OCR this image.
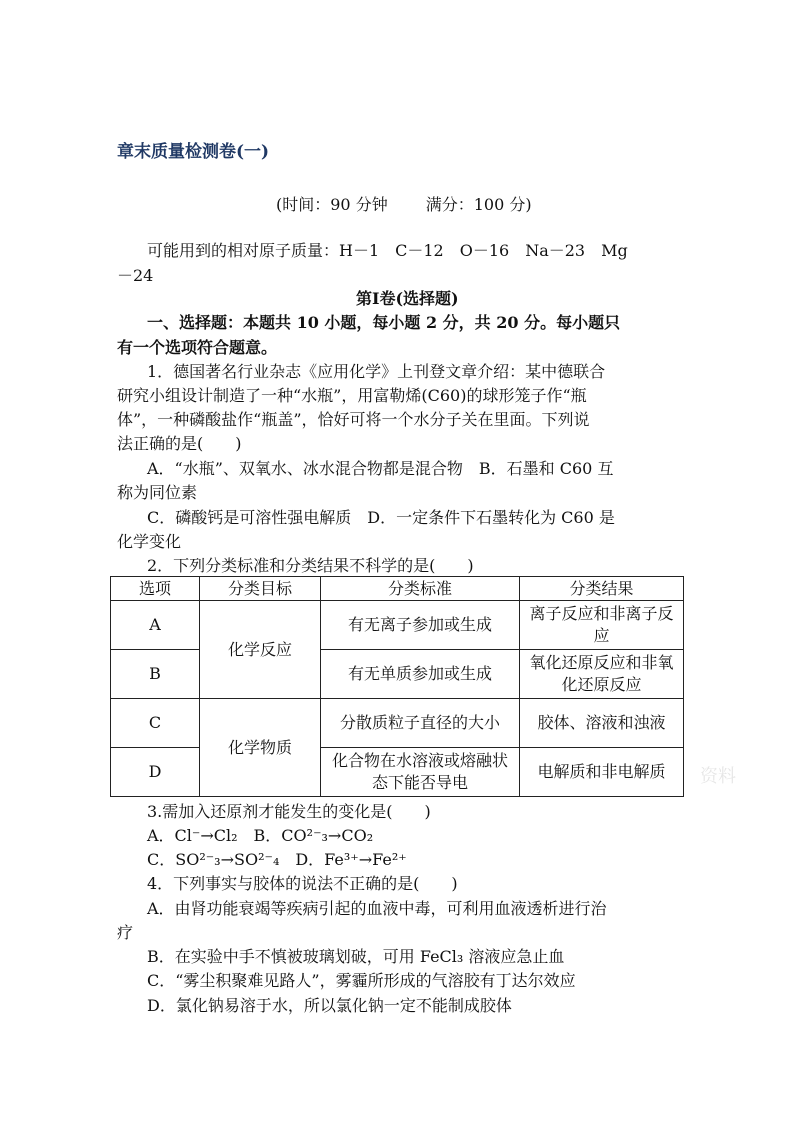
章末质量检测卷(一)
(时间：90 分钟 满分：100 分)
可能用到的相对原子质量：H－1　C－12　O－16　Na－23　Mg
－24
第Ⅰ卷(选择题)
一、选择题：本题共 10 小题，每小题 2 分，共 20 分。每小题只
有一个选项符合题意。
1．德国著名行业杂志《应用化学》上刊登文章介绍：某中德联合
研究小组设计制造了一种“水瓶”，用富勒烯(C60)的球形笼子作“瓶
体”，一种磷酸盐作“瓶盖”，恰好可将一个水分子关在里面。下列说
法正确的是(　　)
A．“水瓶”、双氧水、冰水混合物都是混合物　B．石墨和 C60 互
称为同位素
C．磷酸钙是可溶性强电解质　D．一定条件下石墨转化为 C60 是
化学变化
2．下列分类标准和分类结果不科学的是(　　)
选项	分类目标	分类标准	分类结果
A	化学反应	有无离子参加或生成	离子反应和非离子反应
B		有无单质参加或生成	氧化还原反应和非氧化还原反应
C	化学物质	分散质粒子直径的大小	胶体、溶液和浊液
D		化合物在水溶液或熔融状态下能否导电	电解质和非电解质 资料
3.需加入还原剂才能发生的变化是(　　)
A．Cl⁻→Cl₂　B．CO²⁻₃→CO₂
C．SO²⁻₃→SO²⁻₄　D．Fe³⁺→Fe²⁺
4．下列事实与胶体的说法不正确的是(　　)
A．由肾功能衰竭等疾病引起的血液中毒，可利用血液透析进行治
疗
B．在实验中手不慎被玻璃划破，可用 FeCl₃ 溶液应急止血
C．“雾尘积聚难见路人”，雾霾所形成的气溶胶有丁达尔效应
D．氯化钠易溶于水，所以氯化钠一定不能制成胶体
